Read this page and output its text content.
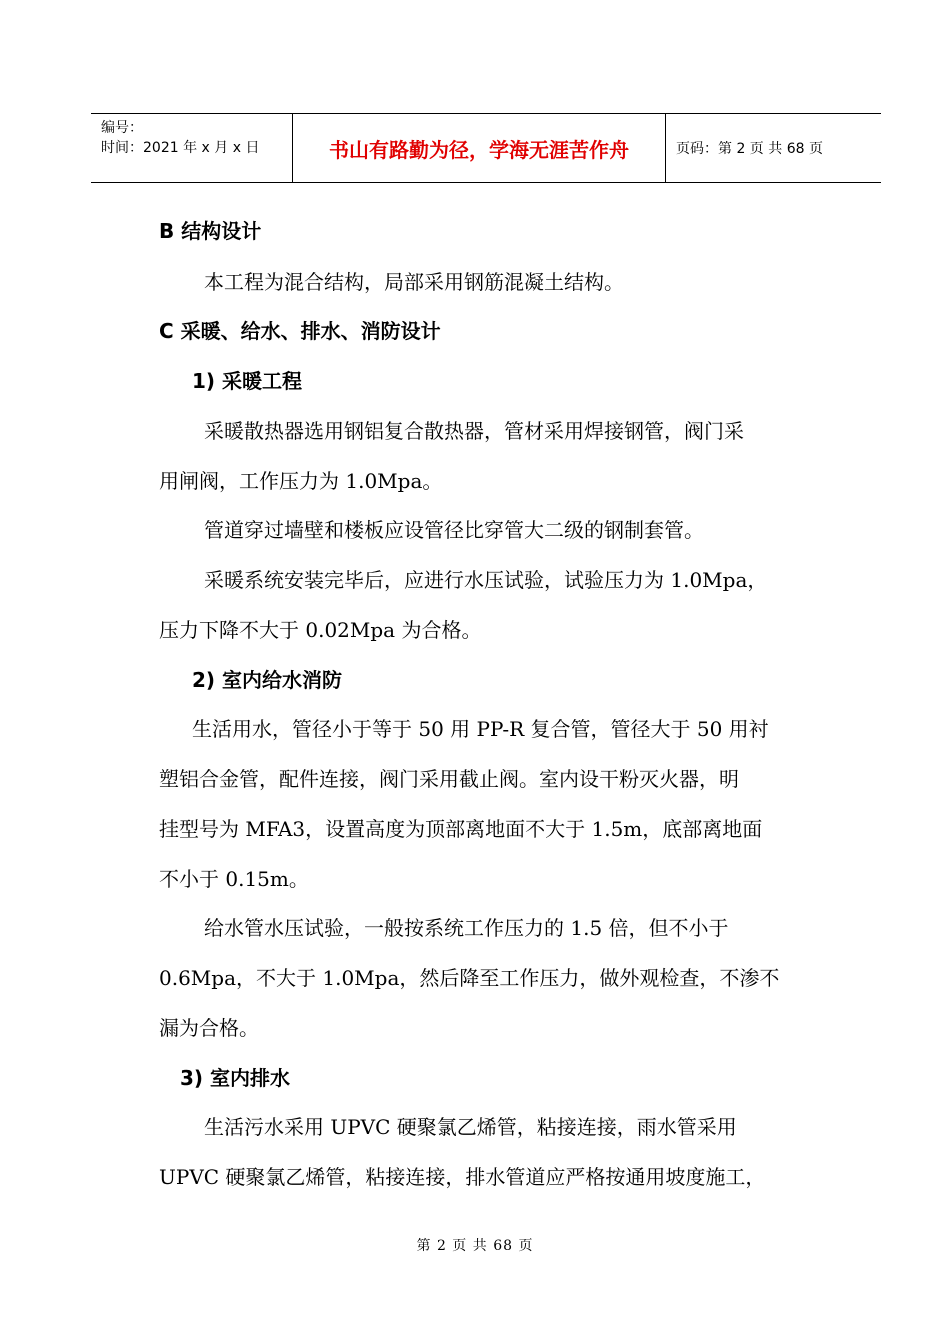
编号：
时间：2021 年 x 月 x 日	书山有路勤为径，学海无涯苦作舟	页码：第 2 页 共 68 页
B 结构设计
本工程为混合结构，局部采用钢筋混凝土结构。
C 采暖、给水、排水、消防设计
1) 采暖工程
采暖散热器选用钢铝复合散热器，管材采用焊接钢管，阀门采
用闸阀，工作压力为 1.0Mpa。
管道穿过墙壁和楼板应设管径比穿管大二级的钢制套管。
采暖系统安装完毕后，应进行水压试验，试验压力为 1.0Mpa，
压力下降不大于 0.02Mpa 为合格。
2) 室内给水消防
生活用水，管径小于等于 50 用 PP-R 复合管，管径大于 50 用衬
塑铝合金管，配件连接，阀门采用截止阀。室内设干粉灭火器，明
挂型号为 MFA3，设置高度为顶部离地面不大于 1.5m，底部离地面
不小于 0.15m。
给水管水压试验，一般按系统工作压力的 1.5 倍，但不小于
0.6Mpa，不大于 1.0Mpa，然后降至工作压力，做外观检查，不渗不
漏为合格。
3) 室内排水
生活污水采用 UPVC 硬聚氯乙烯管，粘接连接，雨水管采用
UPVC 硬聚氯乙烯管，粘接连接，排水管道应严格按通用坡度施工，
第 2 页 共 68 页
